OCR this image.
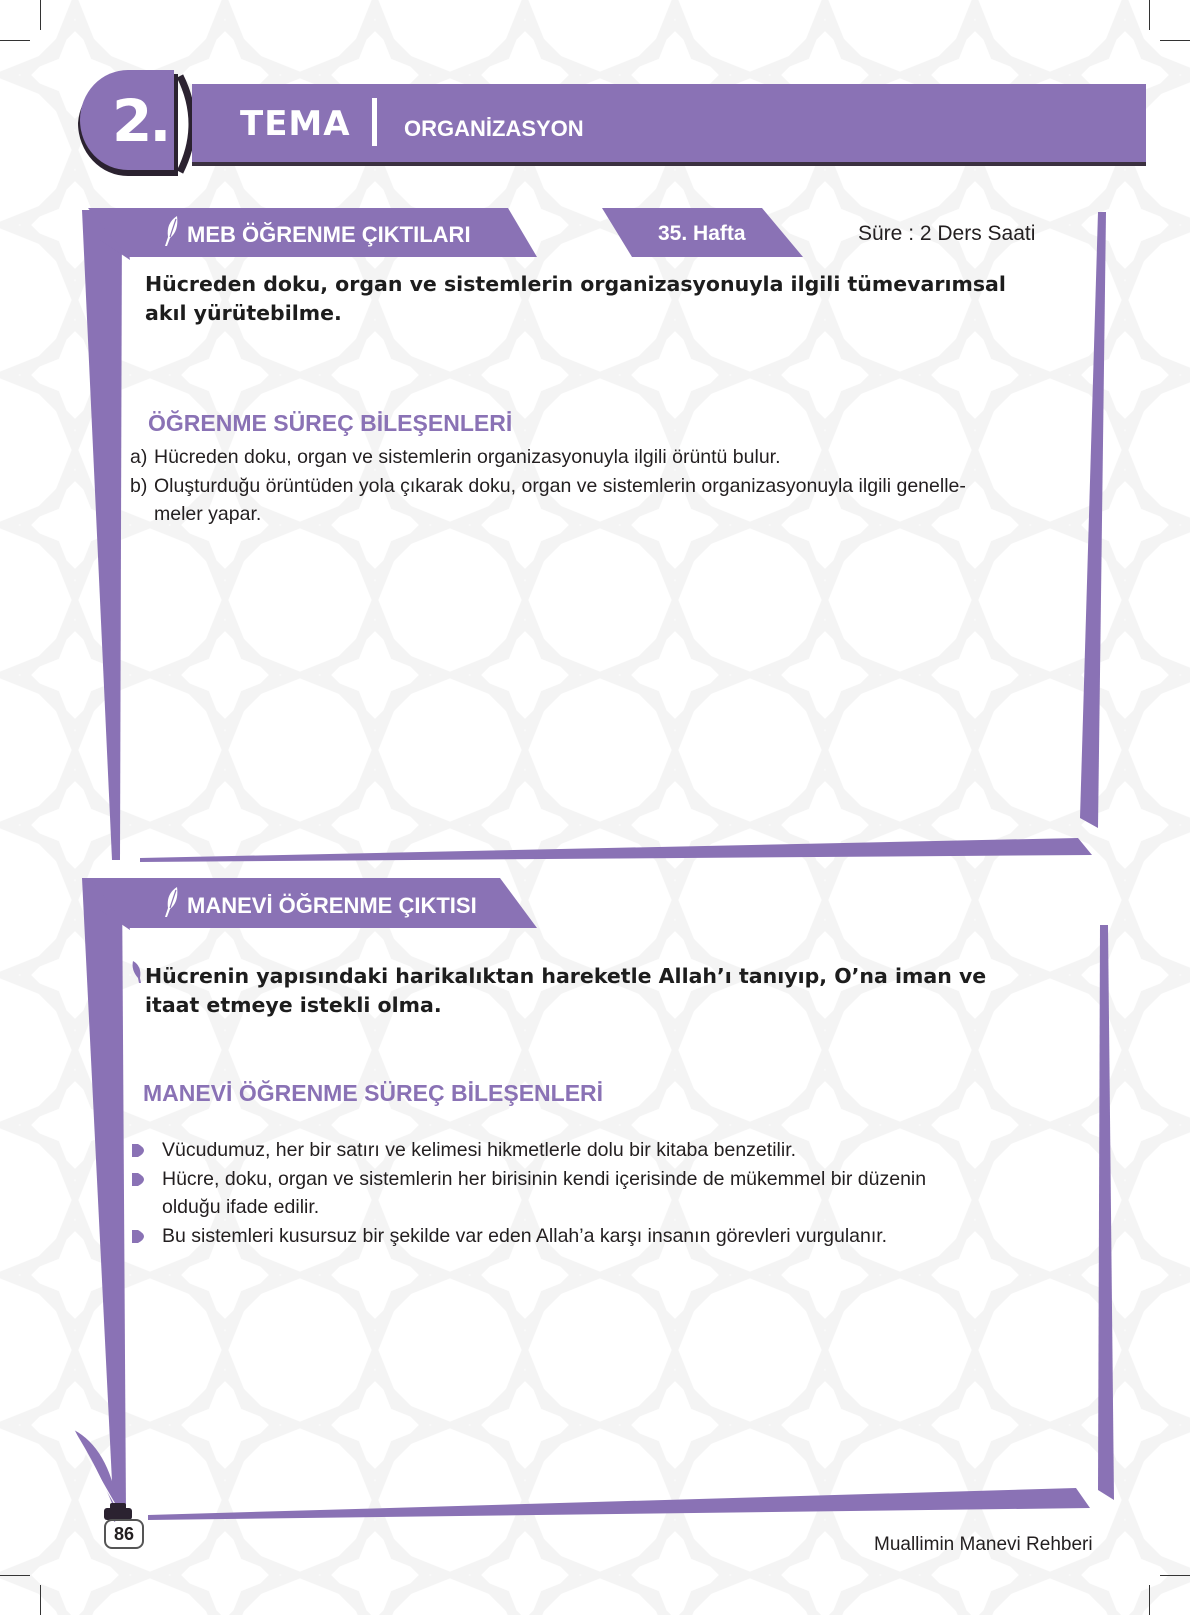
2. TEMA ORGANİZASYON
MEB ÖĞRENME ÇIKTILARI	35. Hafta	Süre : 2 Ders Saati
Hücreden doku, organ ve sistemlerin organizasyonuyla ilgili tümevarımsal
akıl yürütebilme.
ÖĞRENME SÜREÇ BİLEŞENLERİ
a) Hücreden doku, organ ve sistemlerin organizasyonuyla ilgili örüntü bulur.
b) Oluşturduğu örüntüden yola çıkarak doku, organ ve sistemlerin organizasyonuyla ilgili genelle-
meler yapar.
MANEVİ ÖĞRENME ÇIKTISI
Hücrenin yapısındaki harikalıktan hareketle Allah’ı tanıyıp, O’na iman ve
itaat etmeye istekli olma.
MANEVİ ÖĞRENME SÜREÇ BİLEŞENLERİ
Vücudumuz, her bir satırı ve kelimesi hikmetlerle dolu bir kitaba benzetilir.
Hücre, doku, organ ve sistemlerin her birisinin kendi içerisinde de mükemmel bir düzenin
olduğu ifade edilir.
Bu sistemleri kusursuz bir şekilde var eden Allah’a karşı insanın görevleri vurgulanır.
86	Muallimin Manevi Rehberi
